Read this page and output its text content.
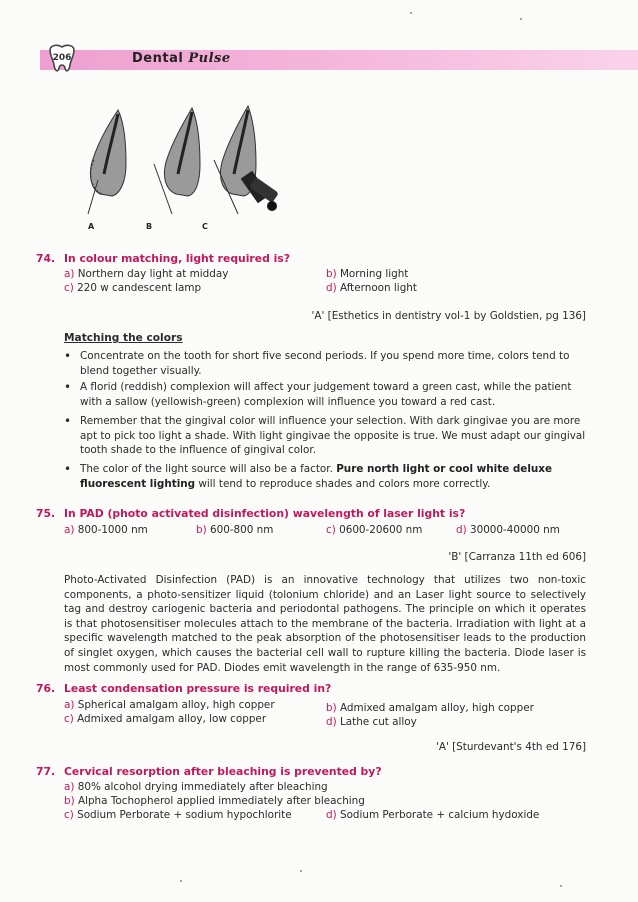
206	Dental Pulse
A	B	C
74. In colour matching, light required is?
a) Northern day light at midday	b) Morning light
c) 220 w candescent lamp	d) Afternoon light
'A' [Esthetics in dentistry vol-1 by Goldstien, pg 136]
Matching the colors
• Concentrate on the tooth for short five second periods. If you spend more time, colors tend to blend together visually.
• A florid (reddish) complexion will affect your judgement toward a green cast, while the patient with a sallow (yellowish-green) complexion will influence you toward a red cast.
• Remember that the gingival color will influence your selection. With dark gingivae you are more apt to pick too light a shade. With light gingivae the opposite is true. We must adapt our gingival tooth shade to the influence of gingival color.
• The color of the light source will also be a factor. Pure north light or cool white deluxe fluorescent lighting will tend to reproduce shades and colors more correctly.
75. In PAD (photo activated disinfection) wavelength of laser light is?
a) 800-1000 nm	b) 600-800 nm	c) 0600-20600 nm	d) 30000-40000 nm
'B' [Carranza 11th ed 606]
Photo-Activated Disinfection (PAD) is an innovative technology that utilizes two non-toxic components, a photo-sensitizer liquid (tolonium chloride) and an Laser light source to selectively tag and destroy cariogenic bacteria and periodontal pathogens. The principle on which it operates is that photosensitiser molecules attach to the membrane of the bacteria. Irradiation with light at a specific wavelength matched to the peak absorption of the photosensitiser leads to the production of singlet oxygen, which causes the bacterial cell wall to rupture killing the bacteria. Diode laser is most commonly used for PAD. Diodes emit wavelength in the range of 635-950 nm.
76. Least condensation pressure is required in?
a) Spherical amalgam alloy, high copper	b) Admixed amalgam alloy, high copper
c) Admixed amalgam alloy, low copper	d) Lathe cut alloy
'A' [Sturdevant's 4th ed 176]
77. Cervical resorption after bleaching is prevented by?
a) 80% alcohol drying immediately after bleaching
b) Alpha Tochopherol applied immediately after bleaching
c) Sodium Perborate + sodium hypochlorite	d) Sodium Perborate + calcium hydoxide
